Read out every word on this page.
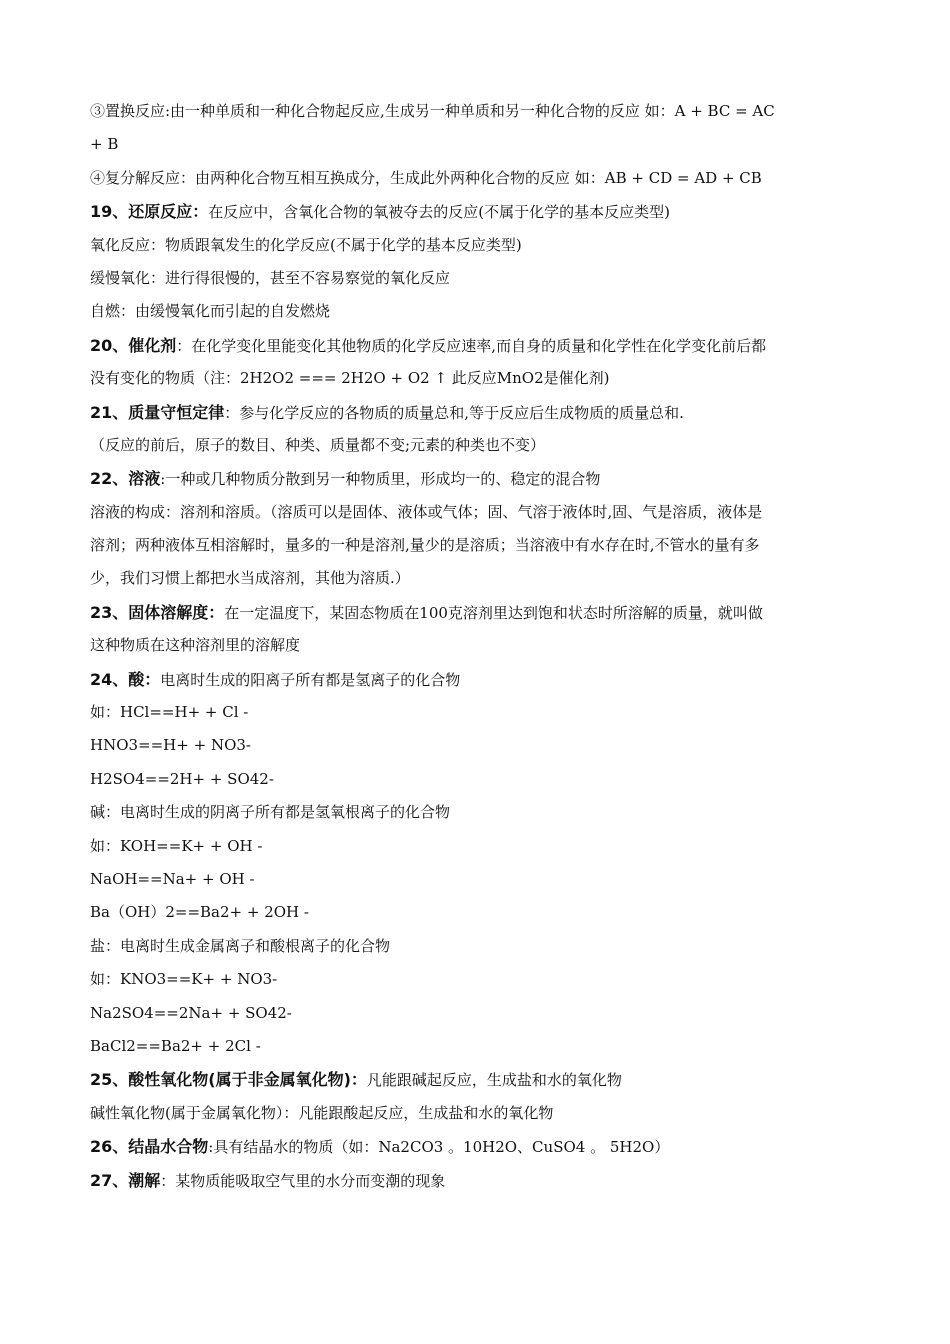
③置换反应:由一种单质和一种化合物起反应,生成另一种单质和另一种化合物的反应 如：A + BC = AC
+ B
④复分解反应：由两种化合物互相互换成分，生成此外两种化合物的反应 如：AB + CD = AD + CB
19、还原反应：在反应中，含氧化合物的氧被夺去的反应(不属于化学的基本反应类型)
氧化反应：物质跟氧发生的化学反应(不属于化学的基本反应类型)
缓慢氧化：进行得很慢的，甚至不容易察觉的氧化反应
自燃：由缓慢氧化而引起的自发燃烧
20、催化剂：在化学变化里能变化其他物质的化学反应速率,而自身的质量和化学性在化学变化前后都
没有变化的物质（注：2H2O2 === 2H2O + O2 ↑ 此反应MnO2是催化剂)
21、质量守恒定律：参与化学反应的各物质的质量总和,等于反应后生成物质的质量总和.
（反应的前后，原子的数目、种类、质量都不变;元素的种类也不变）
22、溶液:一种或几种物质分散到另一种物质里，形成均一的、稳定的混合物
溶液的构成：溶剂和溶质。（溶质可以是固体、液体或气体；固、气溶于液体时,固、气是溶质，液体是
溶剂；两种液体互相溶解时，量多的一种是溶剂,量少的是溶质；当溶液中有水存在时,不管水的量有多
少，我们习惯上都把水当成溶剂，其他为溶质.）
23、固体溶解度：在一定温度下，某固态物质在100克溶剂里达到饱和状态时所溶解的质量，就叫做
这种物质在这种溶剂里的溶解度
24、酸：电离时生成的阳离子所有都是氢离子的化合物
如：HCl==H+ + Cl -
HNO3==H+ + NO3-
H2SO4==2H+ + SO42-
碱：电离时生成的阴离子所有都是氢氧根离子的化合物
如：KOH==K+ + OH -
NaOH==Na+ + OH -
Ba（OH）2==Ba2+ + 2OH -
盐：电离时生成金属离子和酸根离子的化合物
如：KNO3==K+ + NO3-
Na2SO4==2Na+ + SO42-
BaCl2==Ba2+ + 2Cl -
25、酸性氧化物(属于非金属氧化物)：凡能跟碱起反应，生成盐和水的氧化物
碱性氧化物(属于金属氧化物）：凡能跟酸起反应，生成盐和水的氧化物
26、结晶水合物:具有结晶水的物质（如：Na2CO3 。10H2O、CuSO4 。 5H2O）
27、潮解：某物质能吸取空气里的水分而变潮的现象
